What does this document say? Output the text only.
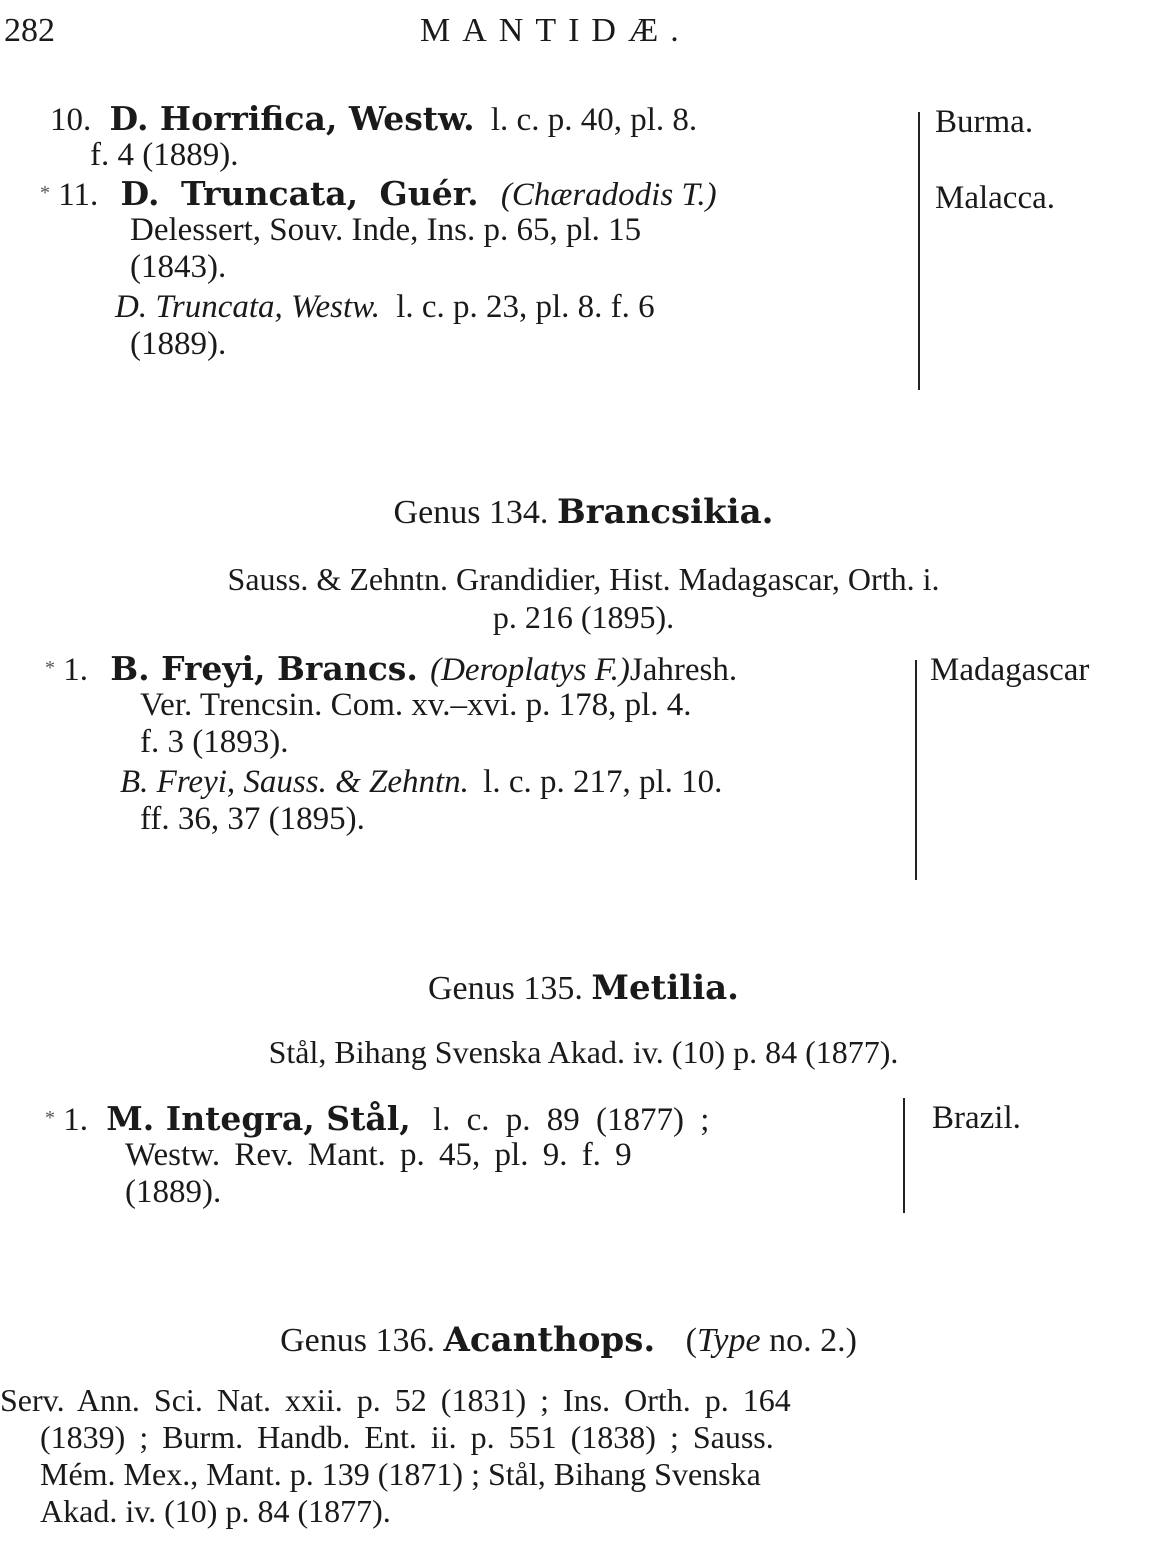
282	MANTIDÆ.
10. D. Horrifica, Westw. l. c. p. 40, pl. 8.
f. 4 (1889).
* 11. D. Truncata, Guér. (Chæradodis T.)
Delessert, Souv. Inde, Ins. p. 65, pl. 15
(1843).
D. Truncata, Westw. l. c. p. 23, pl. 8. f. 6
(1889).
Burma.
Malacca.
Genus 134. Brancsikia.
Sauss. & Zehntn. Grandidier, Hist. Madagascar, Orth. i.
p. 216 (1895).
* 1. B. Freyi, Brancs. (Deroplatys F.)Jahresh.
Ver. Trencsin. Com. xv.–xvi. p. 178, pl. 4.
f. 3 (1893).
B. Freyi, Sauss. & Zehntn. l. c. p. 217, pl. 10.
ff. 36, 37 (1895).
Madagascar
Genus 135. Metilia.
Stål, Bihang Svenska Akad. iv. (10) p. 84 (1877).
* 1. M. Integra, Stål, l. c. p. 89 (1877) ;
Westw. Rev. Mant. p. 45, pl. 9. f. 9
(1889).
Brazil.
Genus 136. Acanthops. (Type no. 2.)
Serv. Ann. Sci. Nat. xxii. p. 52 (1831) ; Ins. Orth. p. 164
(1839) ; Burm. Handb. Ent. ii. p. 551 (1838) ; Sauss.
Mém. Mex., Mant. p. 139 (1871) ; Stål, Bihang Svenska
Akad. iv. (10) p. 84 (1877).
